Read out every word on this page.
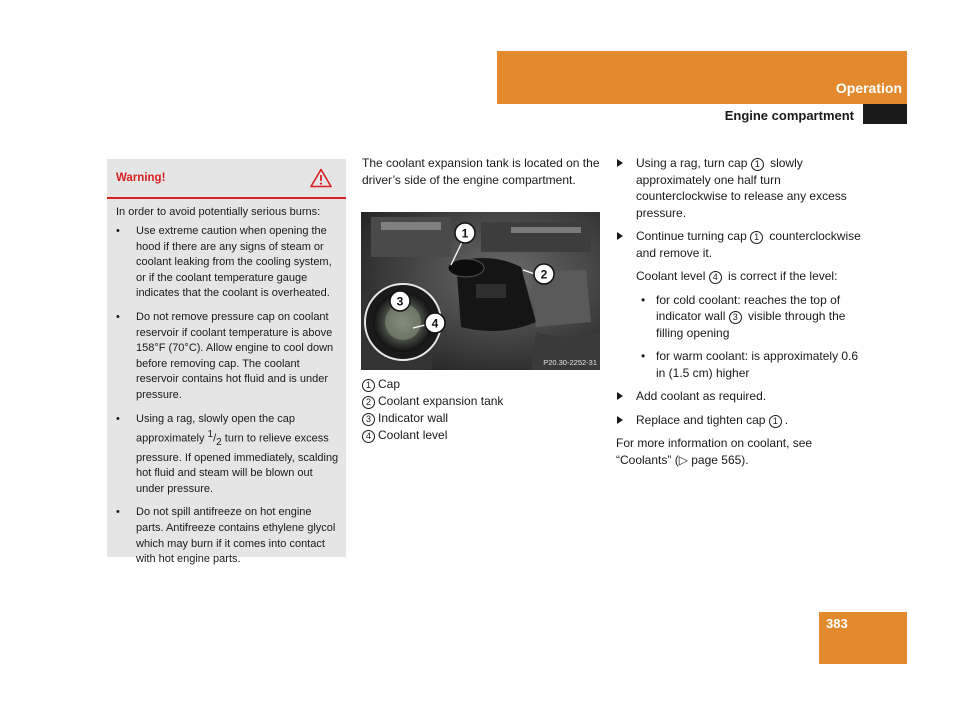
Operation
Engine compartment
Warning!
In order to avoid potentially serious burns:
• Use extreme caution when opening the hood if there are any signs of steam or coolant leaking from the cooling system, or if the coolant temperature gauge indicates that the coolant is overheated.
• Do not remove pressure cap on coolant reservoir if coolant temperature is above 158°F (70°C). Allow engine to cool down before removing cap. The coolant reservoir contains hot fluid and is under pressure.
• Using a rag, slowly open the cap approximately $^1/_2$ turn to relieve excess pressure. If opened immediately, scalding hot fluid and steam will be blown out under pressure.
• Do not spill antifreeze on hot engine parts. Antifreeze contains ethylene glycol which may burn if it comes into contact with hot engine parts.
The coolant expansion tank is located on the driver’s side of the engine compartment.
1
2
3
4
P20.30-2252-31
1 Cap
2 Coolant expansion tank
3 Indicator wall
4 Coolant level

Using a rag, turn cap 1 slowly approximately one half turn counterclockwise to release any excess pressure.

Continue turning cap 1 counterclockwise and remove it.

Coolant level 4 is correct if the level:

• for cold coolant: reaches the top of indicator wall 3 visible through the filling opening
• for warm coolant: is approximately 0.6 in (1.5 cm) higher

Add coolant as required.

Replace and tighten cap 1 .

For more information on coolant, see “Coolants” (▷ page 565).

383
